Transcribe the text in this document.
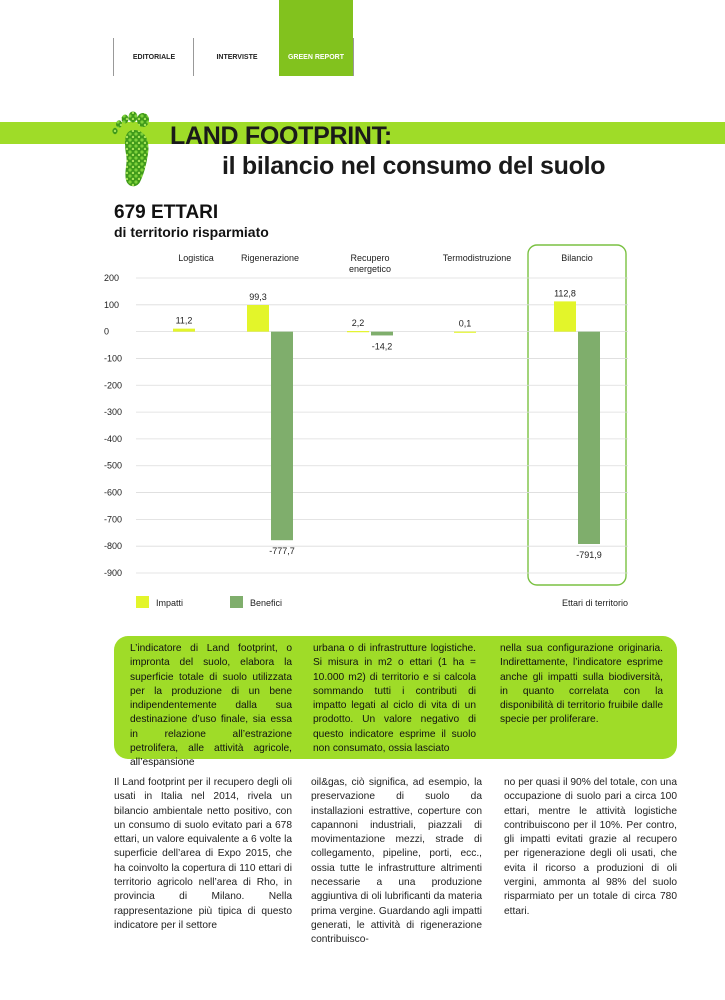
EDITORIALE	INTERVISTE	GREEN REPORT
LAND FOOTPRINT:
il bilancio nel consumo del suolo
679 ETTARI
di territorio risparmiato
200
100
0
-100
-200
-300
-400
-500
-600
-700
-800
-900
Logistica	Rigenerazione	Recupero
energetico
Termodistruzione	Bilancio
11,2
99,3
2,2	0,1
112,8
-777,7
-14,2
-791,9
Impatti	Benefici	Ettari di territorio
L’indicatore di Land footprint, o impronta del suolo, elabora la superficie totale di suolo utilizzata per la produzione di un bene indipendentemente dalla sua destinazione d’uso finale, sia essa in relazione all’estrazione petrolifera, alle attività agricole, all’espansione
urbana o di infrastrutture logistiche. Si misura in m2 o ettari (1 ha = 10.000 m2) di territorio e si calcola sommando tutti i contributi di impatto legati al ciclo di vita di un prodotto. Un valore negativo di questo indicatore esprime il suolo non consumato, ossia lasciato
nella sua configurazione originaria. Indirettamente, l’indicatore esprime anche gli impatti sulla biodiversità, in quanto correlata con la disponibilità di territorio fruibile dalle specie per proliferare.
Il Land footprint per il recupero degli oli usati in Italia nel 2014, rivela un bilancio ambientale netto positivo, con un consumo di suolo evitato pari a 678 ettari, un valore equivalente a 6 volte la superficie dell’area di Expo 2015, che ha coinvolto la copertura di 110 ettari di territorio agricolo nell’area di Rho, in provincia di Milano. Nella rappresentazione più tipica di questo indicatore per il settore
oil&gas, ciò significa, ad esempio, la preservazione di suolo da installazioni estrattive, coperture con capannoni industriali, piazzali di movimentazione mezzi, strade di collegamento, pipeline, porti, ecc., ossia tutte le infrastrutture altrimenti necessarie a una produzione aggiuntiva di oli lubrificanti da materia prima vergine. Guardando agli impatti generati, le attività di rigenerazione contribuisco-
no per quasi il 90% del totale, con una occupazione di suolo pari a circa 100 ettari, mentre le attività logistiche contribuiscono per il 10%. Per contro, gli impatti evitati grazie al recupero per rigenerazione degli oli usati, che evita il ricorso a produzioni di oli vergini, ammonta al 98% del suolo risparmiato per un totale di circa 780 ettari.
